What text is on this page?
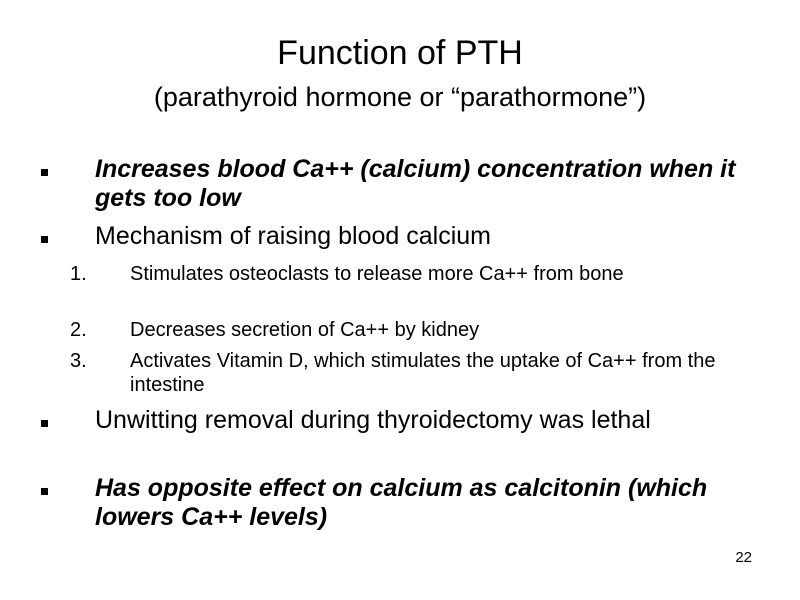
Function of PTH
(parathyroid hormone or “parathormone”)
Increases blood Ca++ (calcium) concentration when it gets too low
Mechanism of raising blood calcium
1. Stimulates osteoclasts to release more Ca++ from bone
2. Decreases secretion of Ca++ by kidney
3. Activates Vitamin D, which stimulates the uptake of Ca++ from the intestine
Unwitting removal during thyroidectomy was lethal
Has opposite effect on calcium as calcitonin (which lowers Ca++ levels)
22
